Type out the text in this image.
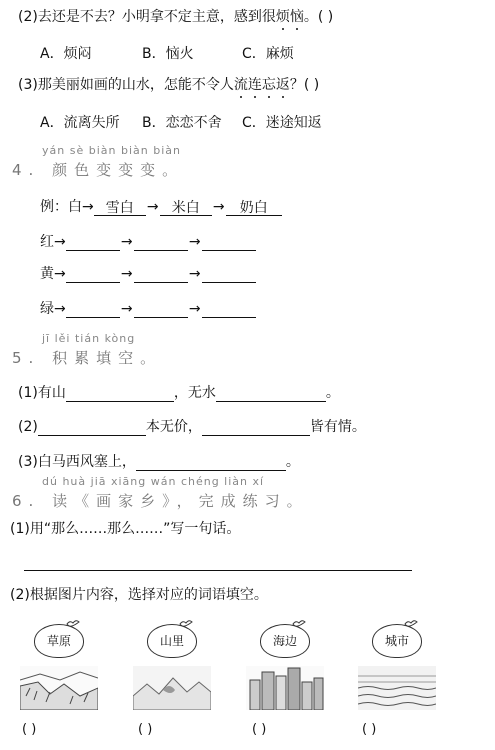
(2)去还是不去？小明拿不定主意，感到很烦恼。( )
A．烦闷	B．恼火	C．麻烦
(3)那美丽如画的山水，怎能不令人流连忘返？( )
A．流离失所 B．恋恋不舍 C．迷途知返
yán sè biàn biàn biàn
4. 颜色变变变。
例：白→ 雪白 → 米白 → 奶白
红→	→	→
黄→	→	→
绿→	→	→
jī lěi tián kòng
5. 积累填空。
(1)有山	，无水	。
(2)	本无价，	皆有情。
(3)白马西风塞上，	。
dú huà jiā xiāng wán chéng liàn xí
6. 读《画家乡》，完成练习。
(1)用“那么……那么……”写一句话。
(2)根据图片内容，选择对应的词语填空。
草原	山里	海边	城市
( )	( )	( )	( )
